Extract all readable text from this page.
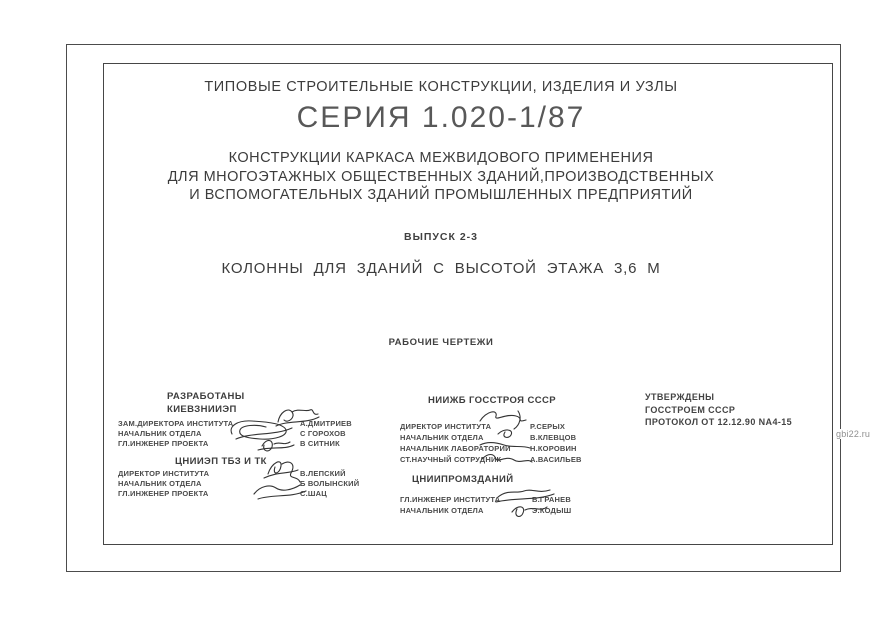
ТИПОВЫЕ СТРОИТЕЛЬНЫЕ КОНСТРУКЦИИ, ИЗДЕЛИЯ И УЗЛЫ
СЕРИЯ 1.020-1/87
КОНСТРУКЦИИ КАРКАСА МЕЖВИДОВОГО ПРИМЕНЕНИЯ
ДЛЯ МНОГОЭТАЖНЫХ ОБЩЕСТВЕННЫХ ЗДАНИЙ,ПРОИЗВОДСТВЕННЫХ
И ВСПОМОГАТЕЛЬНЫХ ЗДАНИЙ ПРОМЫШЛЕННЫХ ПРЕДПРИЯТИЙ
ВЫПУСК 2-3
КОЛОННЫ ДЛЯ ЗДАНИЙ С ВЫСОТОЙ ЭТАЖА 3,6 М
РАБОЧИЕ ЧЕРТЕЖИ
РАЗРАБОТАНЫ
КИЕВЗНИИЭП
ЗАМ.ДИРЕКТОРА ИНСТИТУТА
НАЧАЛЬНИК ОТДЕЛА
ГЛ.ИНЖЕНЕР ПРОЕКТА
А.ДМИТРИЕВ
С ГОРОХОВ
В СИТНИК
ЦНИИЭП ТБЗ И ТК
ДИРЕКТОР ИНСТИТУТА
НАЧАЛЬНИК ОТДЕЛА
ГЛ.ИНЖЕНЕР ПРОЕКТА
В.ЛЕПСКИЙ
Б ВОЛЫНСКИЙ
С.ШАЦ
НИИЖБ ГОССТРОЯ СССР
ДИРЕКТОР ИНСТИТУТА
НАЧАЛЬНИК ОТДЕЛА
НАЧАЛЬНИК ЛАБОРАТОРИИ
СТ.НАУЧНЫЙ СОТРУДНИК
Р.СЕРЫХ
В.КЛЕВЦОВ
Н.КОРОВИН
А.ВАСИЛЬЕВ
ЦНИИПРОМЗДАНИЙ
ГЛ.ИНЖЕНЕР ИНСТИТУТА
НАЧАЛЬНИК ОТДЕЛА
В.ГРАНЕВ
Э.КОДЫШ
УТВЕРЖДЕНЫ
ГОССТРОЕМ СССР
ПРОТОКОЛ ОТ 12.12.90 NА4-15
gbi22.ru
